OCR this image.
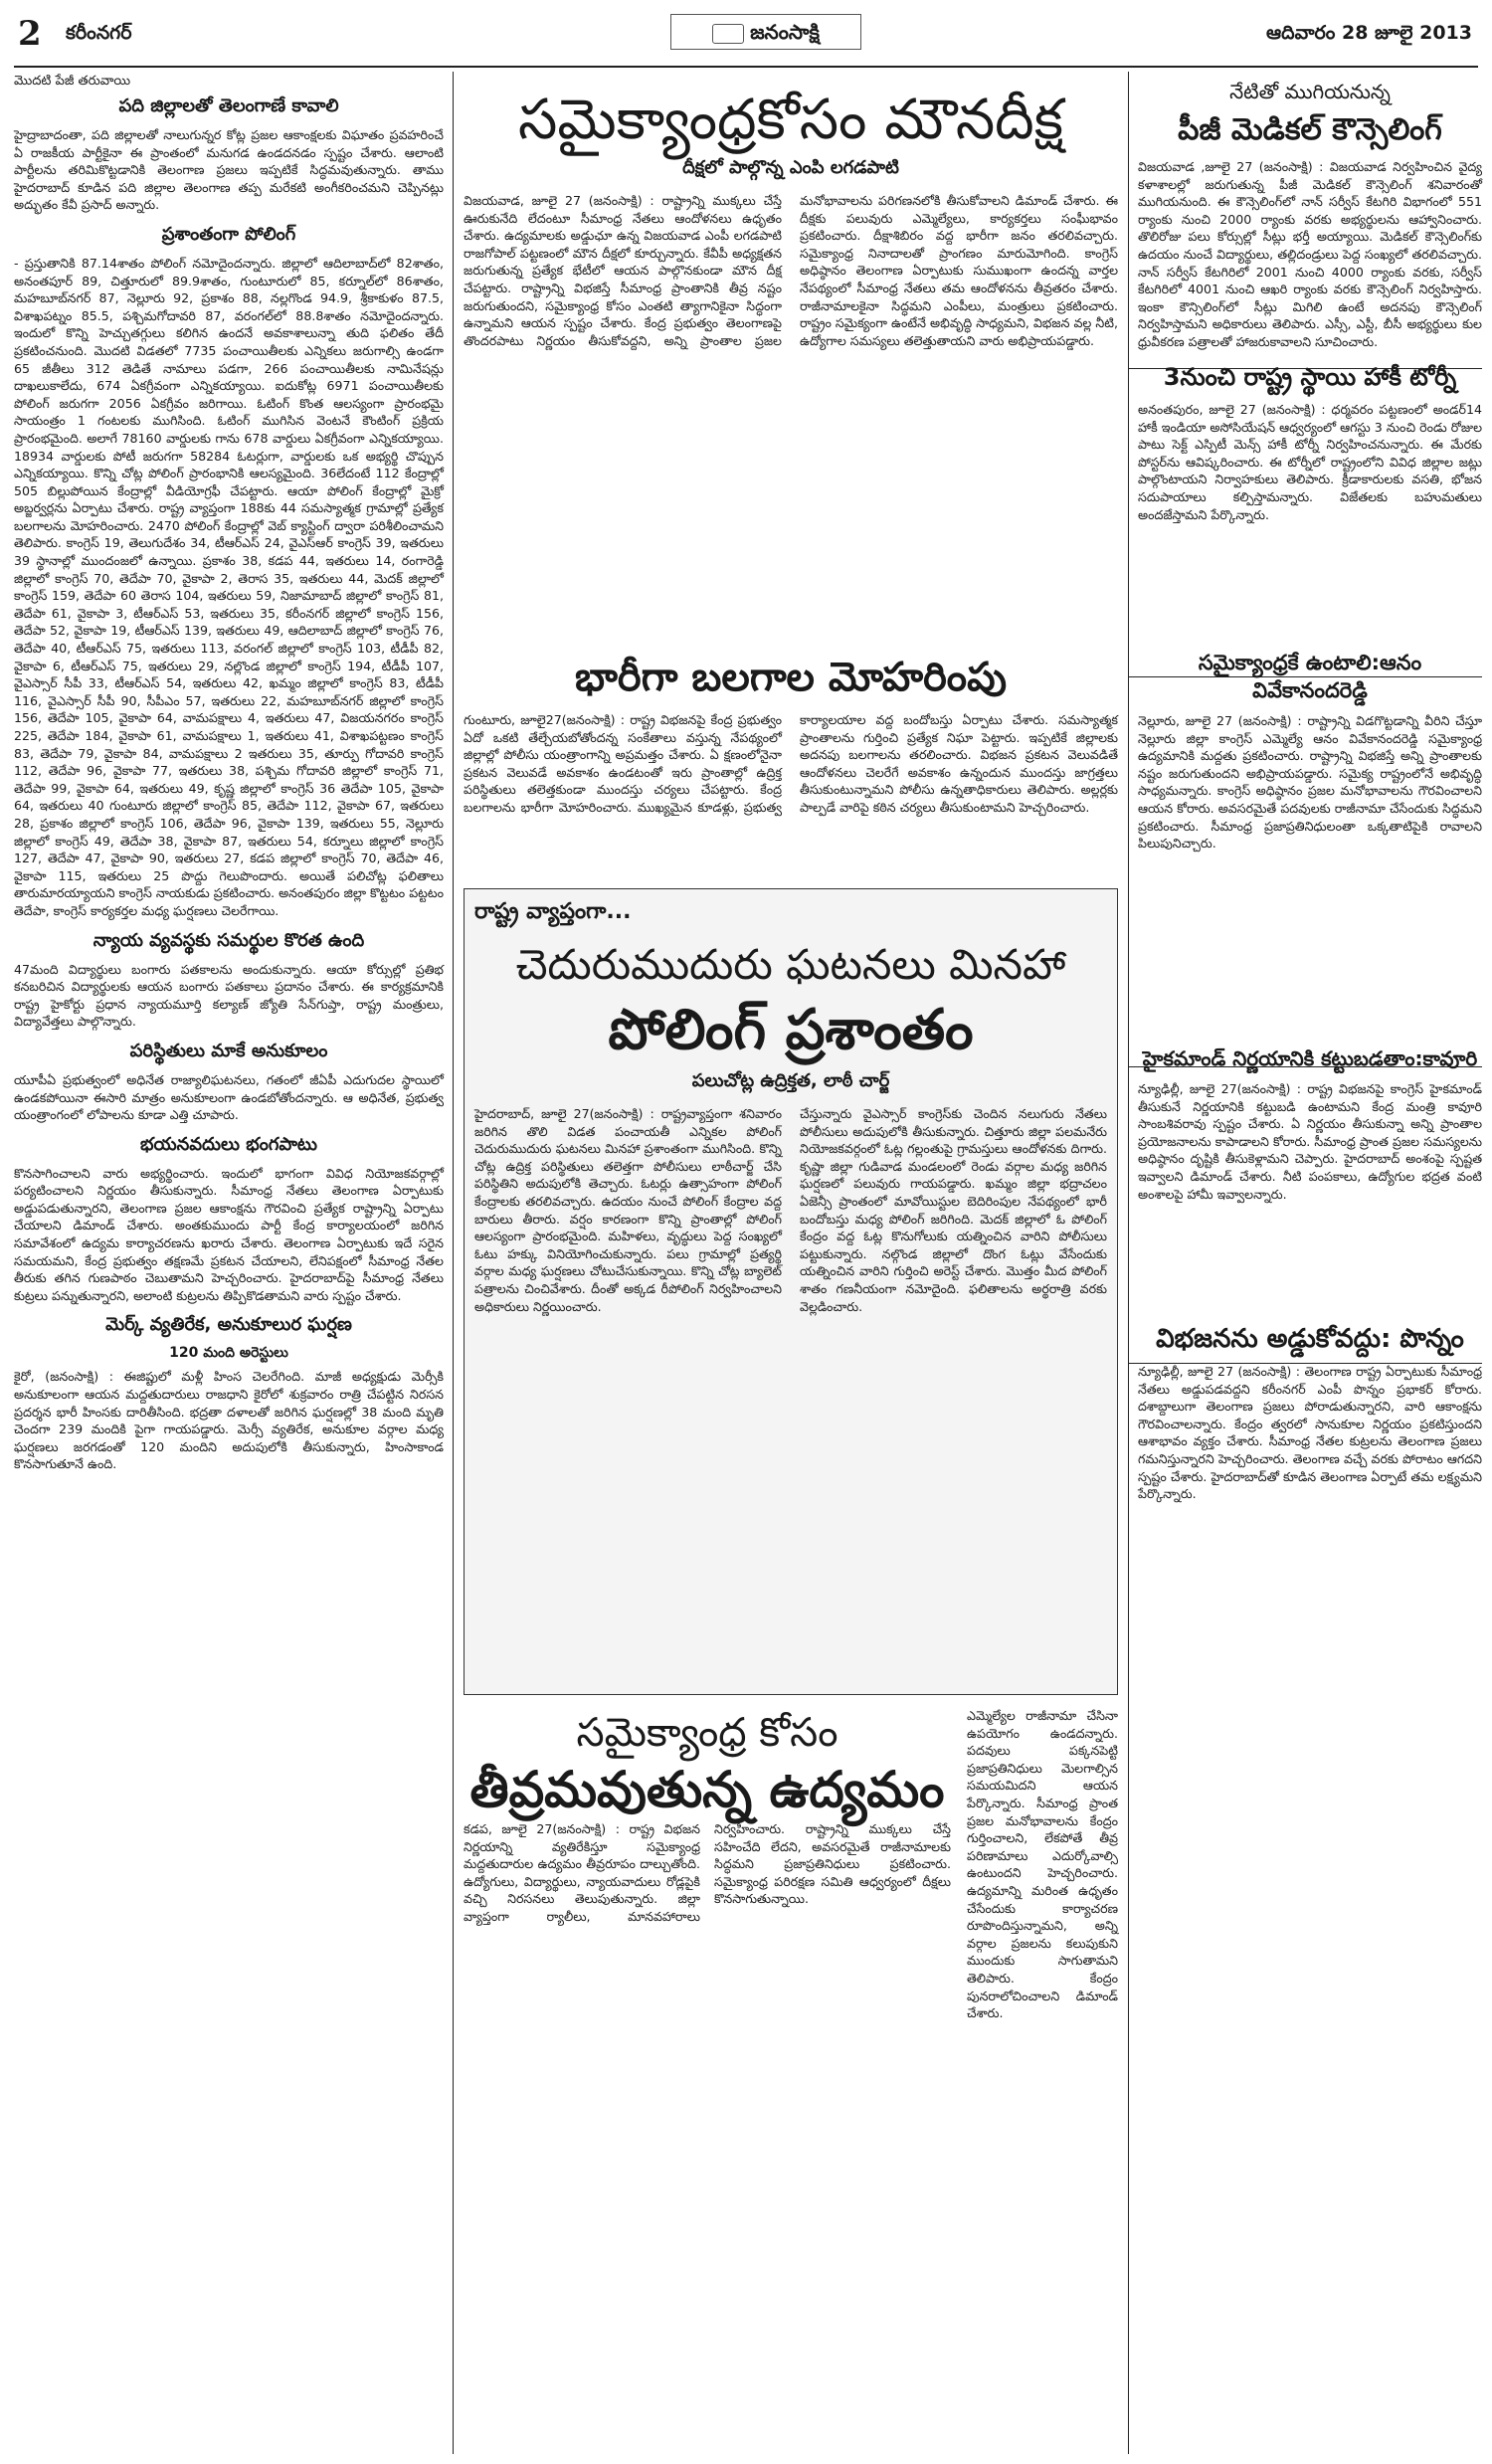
2 కరీంనగర్	జనంసాక్షి	ఆదివారం 28 జూలై 2013
మొదటి పేజీ తరువాయి
పది జిల్లాలతో తెలంగాణే కావాలి

హైద్రాబాదంతా, పది జిల్లాలతో నాలుగున్నర కోట్ల ప్రజల ఆకాంక్షలకు విఘాతం ప్రవహరించే ఏ రాజకీయ పార్టీకైనా ఈ ప్రాంతంలో మనుగడ ఉండదనడం స్పష్టం చేశారు. ఆలాంటి పార్టీలను తరిమికొట్టడానికి తెలంగాణ ప్రజలు ఇప్పటికే సిద్ధమవుతున్నారు. తాము హైదరాబాద్ కూడిన పది జిల్లాల తెలంగాణ తప్ప మరేకటి అంగీకరించమని చెప్పినట్లు అద్భుతం కేవీ ప్రసాద్ అన్నారు.

ప్రశాంతంగా పోలింగ్

- ప్రస్తుతానికి 87.14శాతం పోలింగ్ నమోదైందన్నారు. జిల్లాలో ఆదిలాబాద్‌లో 82శాతం, అనంతపూర్ 89, చిత్తూరులో 89.9శాతం, గుంటూరులో 85, కర్నూల్‌లో 86శాతం, మహబూబ్‌నగర్ 87, నెల్లూరు 92, ప్రకాశం 88, నల్లగొండ 94.9, శ్రీకాకుళం 87.5, విశాఖపట్నం 85.5, పశ్చిమగోదావరి 87, వరంగల్‌లో 88.8శాతం నమోదైందన్నారు. ఇందులో కొన్ని హెచ్చుతగ్గులు కలిగిన ఉందనే అవకాశాలున్నా తుది ఫలితం తేదీ ప్రకటించనుంది. మొదటి విడతలో 7735 పంచాయితీలకు ఎన్నికలు జరుగాల్సి ఉండగా 65 జీతీలు 312 తెడితే నామాలు పడగా, 266 పంచాయితీలకు నామినేషన్లు దాఖలుకాలేదు, 674 ఏకగ్రీవంగా ఎన్నికయ్యాయి. ఐదుకోట్ల 6971 పంచాయితీలకు పోలింగ్ జరుగగా 2056 ఏకగ్రీవం జరిగాయి. ఓటింగ్ కొంత ఆలస్యంగా ప్రారంభమై సాయంత్రం 1 గంటలకు ముగిసింది. ఓటింగ్ ముగిసిన వెంటనే కౌంటింగ్ ప్రక్రియ ప్రారంభమైంది. అలాగే 78160 వార్డులకు గాను 678 వార్డులు ఏకగ్రీవంగా ఎన్నికయ్యాయి. 18934 వార్డులకు పోటీ జరుగగా 58284 ఓటర్లుగా, వార్డులకు ఒక అభ్యర్థి చొప్పున ఎన్నికయ్యాయి. కొన్ని చోట్ల పోలింగ్ ప్రారంభానికి ఆలస్యమైంది. 36లేదంటే 112 కేంద్రాల్లో 505 బిల్లుపోయిన కేంద్రాల్లో వీడియోగ్రఫీ చేపట్టారు. ఆయా పోలింగ్ కేంద్రాల్లో మైక్రో అబ్జర్వర్లను ఏర్పాటు చేశారు. రాష్ట్ర వ్యాప్తంగా 188కు 44 సమస్యాత్మక గ్రామాల్లో ప్రత్యేక బలగాలను మోహరించారు. 2470 పోలింగ్ కేంద్రాల్లో వెబ్ క్యాస్టింగ్ ద్వారా పరిశీలించామని తెలిపారు. కాంగ్రెస్ 19, తెలుగుదేశం 34, టీఆర్ఎస్ 24, వైఎస్ఆర్ కాంగ్రెస్ 39, ఇతరులు 39 స్థానాల్లో ముందంజలో ఉన్నాయి. ప్రకాశం 38, కడప 44, ఇతరులు 14, రంగారెడ్డి జిల్లాలో కాంగ్రెస్ 70, తెదేపా 70, వైకాపా 2, తెరాస 35, ఇతరులు 44, మెదక్ జిల్లాలో కాంగ్రెస్ 159, తెదేపా 60 తెరాస 104, ఇతరులు 59, నిజామాబాద్ జిల్లాలో కాంగ్రెస్ 81, తెదేపా 61, వైకాపా 3, టీఆర్ఎస్ 53, ఇతరులు 35, కరీంనగర్ జిల్లాలో కాంగ్రెస్ 156, తెదేపా 52, వైకాపా 19, టీఆర్ఎస్ 139, ఇతరులు 49, ఆదిలాబాద్ జిల్లాలో కాంగ్రెస్ 76, తెదేపా 40, టీఆర్ఎస్ 75, ఇతరులు 113, వరంగల్ జిల్లాలో కాంగ్రెస్ 103, టీడీపీ 82, వైకాపా 6, టీఆర్ఎస్ 75, ఇతరులు 29, నల్లొండ జిల్లాలో కాంగ్రెస్ 194, టీడీపీ 107, వైఎస్సార్ సీపీ 33, టీఆర్ఎస్ 54, ఇతరులు 42, ఖమ్మం జిల్లాలో కాంగ్రెస్ 83, టీడీపీ 116, వైఎస్సార్ సీపీ 90, సీపీఎం 57, ఇతరులు 22, మహబూబ్‌నగర్ జిల్లాలో కాంగ్రెస్ 156, తెదేపా 105, వైకాపా 64, వామపక్షాలు 4, ఇతరులు 47, విజయనగరం కాంగ్రెస్ 225, తెదేపా 184, వైకాపా 61, వామపక్షాలు 1, ఇతరులు 41, విశాఖపట్టణం కాంగ్రెస్ 83, తెదేపా 79, వైకాపా 84, వామపక్షాలు 2 ఇతరులు 35, తూర్పు గోదావరి కాంగ్రెస్ 112, తెదేపా 96, వైకాపా 77, ఇతరులు 38, పశ్చిమ గోదావరి జిల్లాలో కాంగ్రెస్ 71, తెదేపా 99, వైకాపా 64, ఇతరులు 49, కృష్ణ జిల్లాలో కాంగ్రెస్ 36 తెదేపా 105, వైకాపా 64, ఇతరులు 40 గుంటూరు జిల్లాలో కాంగ్రెస్ 85, తెదేపా 112, వైకాపా 67, ఇతరులు 28, ప్రకాశం జిల్లాలో కాంగ్రెస్ 106, తెదేపా 96, వైకాపా 139, ఇతరులు 55, నెల్లూరు జిల్లాలో కాంగ్రెస్ 49, తెదేపా 38, వైకాపా 87, ఇతరులు 54, కర్నూలు జిల్లాలో కాంగ్రెస్ 127, తెదేపా 47, వైకాపా 90, ఇతరులు 27, కడప జిల్లాలో కాంగ్రెస్ 70, తెదేపా 46, వైకాపా 115, ఇతరులు 25 పొద్దు గెలుపొందారు. అయితే పలిచోట్ల ఫలితాలు తారుమారయ్యాయని కాంగ్రెస్ నాయకుడు ప్రకటించారు. అనంతపురం జిల్లా కొట్టటం పట్టటం తెదేపా, కాంగ్రెస్ కార్యకర్తల మధ్య ఘర్షణలు చెలరేగాయి.

న్యాయ వ్యవస్థకు సమర్థుల కొరత ఉంది

47మంది విద్యార్థులు బంగారు పతకాలను అందుకున్నారు. ఆయా కోర్సుల్లో ప్రతిభ కనబరిచిన విద్యార్థులకు ఆయన బంగారు పతకాలు ప్రదానం చేశారు. ఈ కార్యక్రమానికి రాష్ట్ర హైకోర్టు ప్రధాన న్యాయమూర్తి కల్యాణ్ జ్యోతి సేన్‌గుప్తా, రాష్ట్ర మంత్రులు, విద్యావేత్తలు పాల్గొన్నారు.

పరిస్థితులు మాకే అనుకూలం

యూపీఏ ప్రభుత్వంలో అధినేత రాజ్యాలిఘటనలు, గతంలో జీఏపీ ఎదుగుదల స్థాయిలో ఉండకపోయినా ఈసారి మాత్రం అనుకూలంగా ఉండబోతోందన్నారు. ఆ అధినేత, ప్రభుత్వ యంత్రాంగంలో లోపాలను కూడా ఎత్తి చూపారు.

భయనవదులు భంగపాటు

కొనసాగించాలని వారు అభ్యర్థించారు. ఇందులో భాగంగా వివిధ నియోజకవర్గాల్లో పర్యటించాలని నిర్ణయం తీసుకున్నారు. సీమాంధ్ర నేతలు తెలంగాణ ఏర్పాటుకు అడ్డుపడుతున్నారని, తెలంగాణ ప్రజల ఆకాంక్షను గౌరవించి ప్రత్యేక రాష్ట్రాన్ని ఏర్పాటు చేయాలని డిమాండ్ చేశారు. అంతకుముందు పార్టీ కేంద్ర కార్యాలయంలో జరిగిన సమావేశంలో ఉద్యమ కార్యాచరణను ఖరారు చేశారు. తెలంగాణ ఏర్పాటుకు ఇదే సరైన సమయమని, కేంద్ర ప్రభుత్వం తక్షణమే ప్రకటన చేయాలని, లేనిపక్షంలో సీమాంధ్ర నేతల తీరుకు తగిన గుణపాఠం చెబుతామని హెచ్చరించారు. హైదరాబాద్‌పై సీమాంధ్ర నేతలు కుట్రలు పన్నుతున్నారని, అలాంటి కుట్రలను తిప్పికొడతామని వారు స్పష్టం చేశారు.

మెర్క్ వ్యతిరేక, అనుకూలుర ఘర్షణ
120 మంది అరెస్టులు

కైరో, (జనంసాక్షి) : ఈజిప్టులో మళ్లీ హింస చెలరేగింది. మాజీ అధ్యక్షుడు మెర్సీకి అనుకూలంగా ఆయన మద్దతుదారులు రాజధాని కైరోలో శుక్రవారం రాత్రి చేపట్టిన నిరసన ప్రదర్శన భారీ హింసకు దారితీసింది. భద్రతా దళాలతో జరిగిన ఘర్షణల్లో 38 మంది మృతి చెందగా 239 మందికి పైగా గాయపడ్డారు. మెర్సీ వ్యతిరేక, అనుకూల వర్గాల మధ్య ఘర్షణలు జరగడంతో 120 మందిని అదుపులోకి తీసుకున్నారు, హింసాకాండ కొనసాగుతూనే ఉంది.

సమైక్యాంధ్రకోసం మౌనదీక్ష
దీక్షలో పాల్గొన్న ఎంపి లగడపాటి

విజయవాడ, జూలై 27 (జనంసాక్షి) : రాష్ట్రాన్ని ముక్కలు చేస్తే ఊరుకునేది లేదంటూ సీమాంధ్ర నేతలు ఆందోళనలు ఉధృతం చేశారు. ఉద్యమాలకు అడ్డుఛూ ఉన్న విజయవాడ ఎంపీ లగడపాటి రాజగోపాల్ పట్టణంలో మౌన దీక్షలో కూర్చున్నారు. కేవీపీ అధ్యక్షతన జరుగుతున్న ప్రత్యేక భేటీలో ఆయన పాల్గొనకుండా మౌన దీక్ష చేపట్టారు. రాష్ట్రాన్ని విభజిస్తే సీమాంధ్ర ప్రాంతానికి తీవ్ర నష్టం జరుగుతుందని, సమైక్యాంధ్ర కోసం ఎంతటి త్యాగానికైనా సిద్ధంగా ఉన్నామని ఆయన స్పష్టం చేశారు. కేంద్ర ప్రభుత్వం తెలంగాణపై తొందరపాటు నిర్ణయం తీసుకోవద్దని, అన్ని ప్రాంతాల ప్రజల మనోభావాలను పరిగణనలోకి తీసుకోవాలని డిమాండ్ చేశారు. ఈ దీక్షకు పలువురు ఎమ్మెల్యేలు, కార్యకర్తలు సంఘీభావం ప్రకటించారు. దీక్షాశిబిరం వద్ద భారీగా జనం తరలివచ్చారు. సమైక్యాంధ్ర నినాదాలతో ప్రాంగణం మారుమోగింది. కాంగ్రెస్ అధిష్ఠానం తెలంగాణ ఏర్పాటుకు సుముఖంగా ఉందన్న వార్తల నేపథ్యంలో సీమాంధ్ర నేతలు తమ ఆందోళనను తీవ్రతరం చేశారు. రాజీనామాలకైనా సిద్ధమని ఎంపీలు, మంత్రులు ప్రకటించారు. రాష్ట్రం సమైక్యంగా ఉంటేనే అభివృద్ధి సాధ్యమని, విభజన వల్ల నీటి, ఉద్యోగాల సమస్యలు తలెత్తుతాయని వారు అభిప్రాయపడ్డారు.

భారీగా బలగాల మోహరింపు

గుంటూరు, జూలై27(జనంసాక్షి) : రాష్ట్ర విభజనపై కేంద్ర ప్రభుత్వం ఏదో ఒకటి తేల్చేయబోతోందన్న సంకేతాలు వస్తున్న నేపథ్యంలో జిల్లాల్లో పోలీసు యంత్రాంగాన్ని అప్రమత్తం చేశారు. ఏ క్షణంలోనైనా ప్రకటన వెలువడే అవకాశం ఉండటంతో ఇరు ప్రాంతాల్లో ఉద్రిక్త పరిస్థితులు తలెత్తకుండా ముందస్తు చర్యలు చేపట్టారు. కేంద్ర బలగాలను భారీగా మోహరించారు. ముఖ్యమైన కూడళ్లు, ప్రభుత్వ కార్యాలయాల వద్ద బందోబస్తు ఏర్పాటు చేశారు. సమస్యాత్మక ప్రాంతాలను గుర్తించి ప్రత్యేక నిఘా పెట్టారు. ఇప్పటికే జిల్లాలకు అదనపు బలగాలను తరలించారు. విభజన ప్రకటన వెలువడితే ఆందోళనలు చెలరేగే అవకాశం ఉన్నందున ముందస్తు జాగ్రత్తలు తీసుకుంటున్నామని పోలీసు ఉన్నతాధికారులు తెలిపారు. అల్లర్లకు పాల్పడే వారిపై కఠిన చర్యలు తీసుకుంటామని హెచ్చరించారు.

రాష్ట్ర వ్యాప్తంగా...
చెదురుముదురు ఘటనలు మినహా
పోలింగ్ ప్రశాంతం
పలుచోట్ల ఉద్రిక్తత, లాఠీ చార్జ్

హైదరాబాద్, జూలై 27(జనంసాక్షి) : రాష్ట్రవ్యాప్తంగా శనివారం జరిగిన తొలి విడత పంచాయతీ ఎన్నికల పోలింగ్ చెదురుముదురు ఘటనలు మినహా ప్రశాంతంగా ముగిసింది. కొన్ని చోట్ల ఉద్రిక్త పరిస్థితులు తలెత్తగా పోలీసులు లాఠీచార్జ్ చేసి పరిస్థితిని అదుపులోకి తెచ్చారు. ఓటర్లు ఉత్సాహంగా పోలింగ్ కేంద్రాలకు తరలివచ్చారు. ఉదయం నుంచే పోలింగ్ కేంద్రాల వద్ద బారులు తీరారు. వర్షం కారణంగా కొన్ని ప్రాంతాల్లో పోలింగ్ ఆలస్యంగా ప్రారంభమైంది. మహిళలు, వృద్ధులు పెద్ద సంఖ్యలో ఓటు హక్కు వినియోగించుకున్నారు. పలు గ్రామాల్లో ప్రత్యర్థి వర్గాల మధ్య ఘర్షణలు చోటుచేసుకున్నాయి. కొన్ని చోట్ల బ్యాలెట్ పత్రాలను చించివేశారు. దీంతో అక్కడ రీపోలింగ్ నిర్వహించాలని అధికారులు నిర్ణయించారు.

చేస్తున్నారు వైఎస్సార్ కాంగ్రెస్‌కు చెందిన నలుగురు నేతలు పోలీసులు అదుపులోకి తీసుకున్నారు. చిత్తూరు జిల్లా పలమనేరు నియోజకవర్గంలో ఓట్ల గల్లంతుపై గ్రామస్తులు ఆందోళనకు దిగారు. కృష్ణా జిల్లా గుడివాడ మండలంలో రెండు వర్గాల మధ్య జరిగిన ఘర్షణలో పలువురు గాయపడ్డారు. ఖమ్మం జిల్లా భద్రాచలం ఏజెన్సీ ప్రాంతంలో మావోయిస్టుల బెదిరింపుల నేపథ్యంలో భారీ బందోబస్తు మధ్య పోలింగ్ జరిగింది. మెదక్ జిల్లాలో ఓ పోలింగ్ కేంద్రం వద్ద ఓట్ల కొనుగోలుకు యత్నించిన వారిని పోలీసులు పట్టుకున్నారు. నల్గొండ జిల్లాలో దొంగ ఓట్లు వేసేందుకు యత్నించిన వారిని గుర్తించి అరెస్ట్ చేశారు. మొత్తం మీద పోలింగ్ శాతం గణనీయంగా నమోదైంది. ఫలితాలను అర్థరాత్రి వరకు వెల్లడించారు.

సమైక్యాంధ్ర కోసం
తీవ్రమవుతున్న ఉద్యమం

కడప, జూలై 27(జనంసాక్షి) : రాష్ట్ర విభజన నిర్ణయాన్ని వ్యతిరేకిస్తూ సమైక్యాంధ్ర మద్దతుదారుల ఉద్యమం తీవ్రరూపం దాల్చుతోంది. ఉద్యోగులు, విద్యార్థులు, న్యాయవాదులు రోడ్లపైకి వచ్చి నిరసనలు తెలుపుతున్నారు. జిల్లా వ్యాప్తంగా ర్యాలీలు, మానవహారాలు నిర్వహించారు. రాష్ట్రాన్ని ముక్కలు చేస్తే సహించేది లేదని, అవసరమైతే రాజీనామాలకు సిద్ధమని ప్రజాప్రతినిధులు ప్రకటించారు. సమైక్యాంధ్ర పరిరక్షణ సమితి ఆధ్వర్యంలో దీక్షలు కొనసాగుతున్నాయి.

ఎమ్మెల్యేల రాజీనామా చేసినా ఉపయోగం ఉండదన్నారు. పదవులు పక్కనపెట్టి ప్రజాప్రతినిధులు మెలగాల్సిన సమయమిదని ఆయన పేర్కొన్నారు. సీమాంధ్ర ప్రాంత ప్రజల మనోభావాలను కేంద్రం గుర్తించాలని, లేకపోతే తీవ్ర పరిణామాలు ఎదుర్కోవాల్సి ఉంటుందని హెచ్చరించారు. ఉద్యమాన్ని మరింత ఉధృతం చేసేందుకు కార్యాచరణ రూపొందిస్తున్నామని, అన్ని వర్గాల ప్రజలను కలుపుకుని ముందుకు సాగుతామని తెలిపారు. కేంద్రం పునరాలోచించాలని డిమాండ్ చేశారు.

నేటితో ముగియనున్న
పీజీ మెడికల్ కౌన్సెలింగ్

విజయవాడ ,జూలై 27 (జనంసాక్షి) : విజయవాడ నిర్వహించిన వైద్య కళాశాలల్లో జరుగుతున్న పీజీ మెడికల్ కౌన్సెలింగ్ శనివారంతో ముగియనుంది. ఈ కౌన్సెలింగ్‌లో నాన్ సర్వీస్ కేటగిరి విభాగంలో 551 ర్యాంకు నుంచి 2000 ర్యాంకు వరకు అభ్యర్థులను ఆహ్వానించారు. తొలిరోజు పలు కోర్సుల్లో సీట్లు భర్తీ అయ్యాయి. మెడికల్ కౌన్సెలింగ్‌కు ఉదయం నుంచే విద్యార్థులు, తల్లిదండ్రులు పెద్ద సంఖ్యలో తరలివచ్చారు. నాన్ సర్వీస్ కేటగిరిలో 2001 నుంచి 4000 ర్యాంకు వరకు, సర్వీస్ కేటగిరిలో 4001 నుంచి ఆఖరి ర్యాంకు వరకు కౌన్సెలింగ్ నిర్వహిస్తారు. ఇంకా కౌన్సిలింగ్‌లో సీట్లు మిగిలి ఉంటే అదనపు కౌన్సెలింగ్ నిర్వహిస్తామని అధికారులు తెలిపారు. ఎస్సీ, ఎస్టీ, బీసీ అభ్యర్థులు కుల ధ్రువీకరణ పత్రాలతో హాజరుకావాలని సూచించారు.

3నుంచి రాష్ట్ర స్థాయి హాకీ టోర్నీ

అనంతపురం, జూలై 27 (జనంసాక్షి) : ధర్మవరం పట్టణంలో అండర్14 హాకీ ఇండియా అసోసియేషన్ ఆధ్వర్యంలో ఆగస్టు 3 నుంచి రెండు రోజుల పాటు సెక్ట్ ఎస్పిటీ మెన్స్ హాకీ టోర్నీ నిర్వహించనున్నారు. ఈ మేరకు పోస్టర్‌ను ఆవిష్కరించారు. ఈ టోర్నీలో రాష్ట్రంలోని వివిధ జిల్లాల జట్లు పాల్గొంటాయని నిర్వాహకులు తెలిపారు. క్రీడాకారులకు వసతి, భోజన సదుపాయాలు కల్పిస్తామన్నారు. విజేతలకు బహుమతులు అందజేస్తామని పేర్కొన్నారు.

సమైక్యాంధ్రకే ఉంటాలి:ఆనం వివేకానందరెడ్డి

నెల్లూరు, జూలై 27 (జనంసాక్షి) : రాష్ట్రాన్ని విడగొట్టడాన్ని వీరిని చేస్తూ నెల్లూరు జిల్లా కాంగ్రెస్ ఎమ్మెల్యే ఆనం వివేకానందరెడ్డి సమైక్యాంధ్ర ఉద్యమానికి మద్దతు ప్రకటించారు. రాష్ట్రాన్ని విభజిస్తే అన్ని ప్రాంతాలకు నష్టం జరుగుతుందని అభిప్రాయపడ్డారు. సమైక్య రాష్ట్రంలోనే అభివృద్ధి సాధ్యమన్నారు. కాంగ్రెస్ అధిష్ఠానం ప్రజల మనోభావాలను గౌరవించాలని ఆయన కోరారు. అవసరమైతే పదవులకు రాజీనామా చేసేందుకు సిద్ధమని ప్రకటించారు. సీమాంధ్ర ప్రజాప్రతినిధులంతా ఒక్కతాటిపైకి రావాలని పిలుపునిచ్చారు.

హైకమాండ్ నిర్ణయానికి కట్టుబడతాం:కావూరి

న్యూఢిల్లీ, జూలై 27(జనంసాక్షి) : రాష్ట్ర విభజనపై కాంగ్రెస్ హైకమాండ్ తీసుకునే నిర్ణయానికి కట్టుబడి ఉంటామని కేంద్ర మంత్రి కావూరి సాంబశివరావు స్పష్టం చేశారు. ఏ నిర్ణయం తీసుకున్నా అన్ని ప్రాంతాల ప్రయోజనాలను కాపాడాలని కోరారు. సీమాంధ్ర ప్రాంత ప్రజల సమస్యలను అధిష్ఠానం దృష్టికి తీసుకెళ్లామని చెప్పారు. హైదరాబాద్ అంశంపై స్పష్టత ఇవ్వాలని డిమాండ్ చేశారు. నీటి పంపకాలు, ఉద్యోగుల భద్రత వంటి అంశాలపై హామీ ఇవ్వాలన్నారు.

విభజనను అడ్డుకోవద్దు: పొన్నం

న్యూఢిల్లీ, జూలై 27 (జనంసాక్షి) : తెలంగాణ రాష్ట్ర ఏర్పాటుకు సీమాంధ్ర నేతలు అడ్డుపడవద్దని కరీంనగర్ ఎంపీ పొన్నం ప్రభాకర్ కోరారు. దశాబ్దాలుగా తెలంగాణ ప్రజలు పోరాడుతున్నారని, వారి ఆకాంక్షను గౌరవించాలన్నారు. కేంద్రం త్వరలో సానుకూల నిర్ణయం ప్రకటిస్తుందని ఆశాభావం వ్యక్తం చేశారు. సీమాంధ్ర నేతల కుట్రలను తెలంగాణ ప్రజలు గమనిస్తున్నారని హెచ్చరించారు. తెలంగాణ వచ్చే వరకు పోరాటం ఆగదని స్పష్టం చేశారు. హైదరాబాద్‌తో కూడిన తెలంగాణ ఏర్పాటే తమ లక్ష్యమని పేర్కొన్నారు.
